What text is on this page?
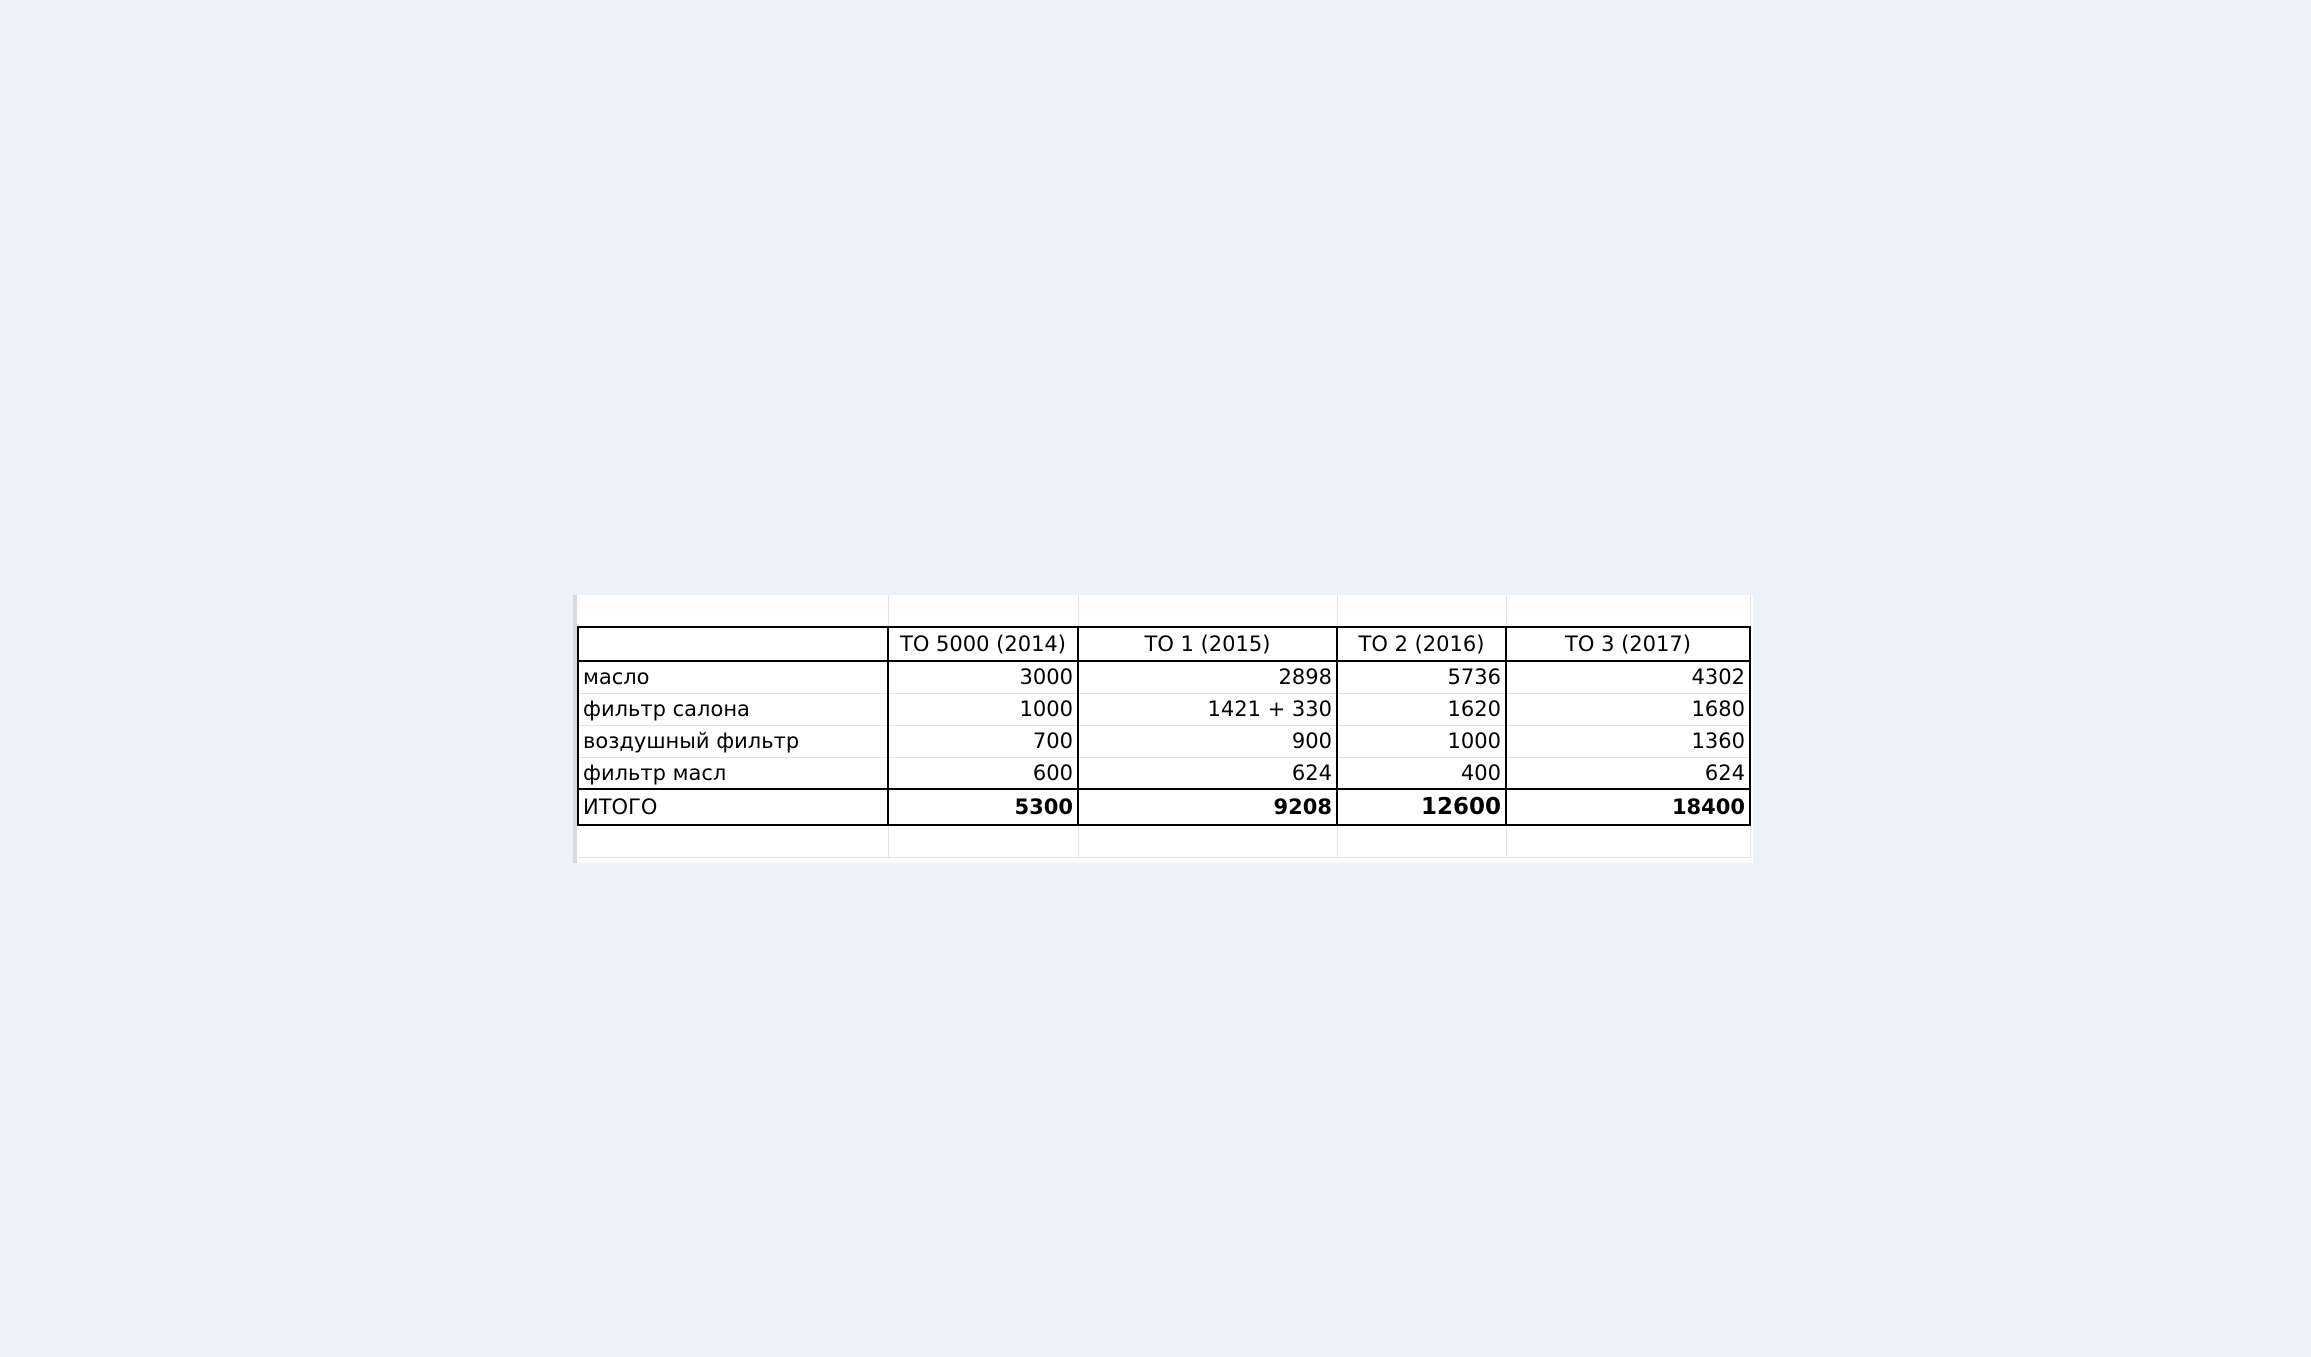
	ТО 5000 (2014)	ТО 1 (2015)	ТО 2 (2016)	ТО 3 (2017)
масло	3000	2898	5736	4302
фильтр салона	1000	1421 + 330	1620	1680
воздушный фильтр	700	900	1000	1360
фильтр масл	600	624	400	624
ИТОГО	5300	9208	12600	18400
